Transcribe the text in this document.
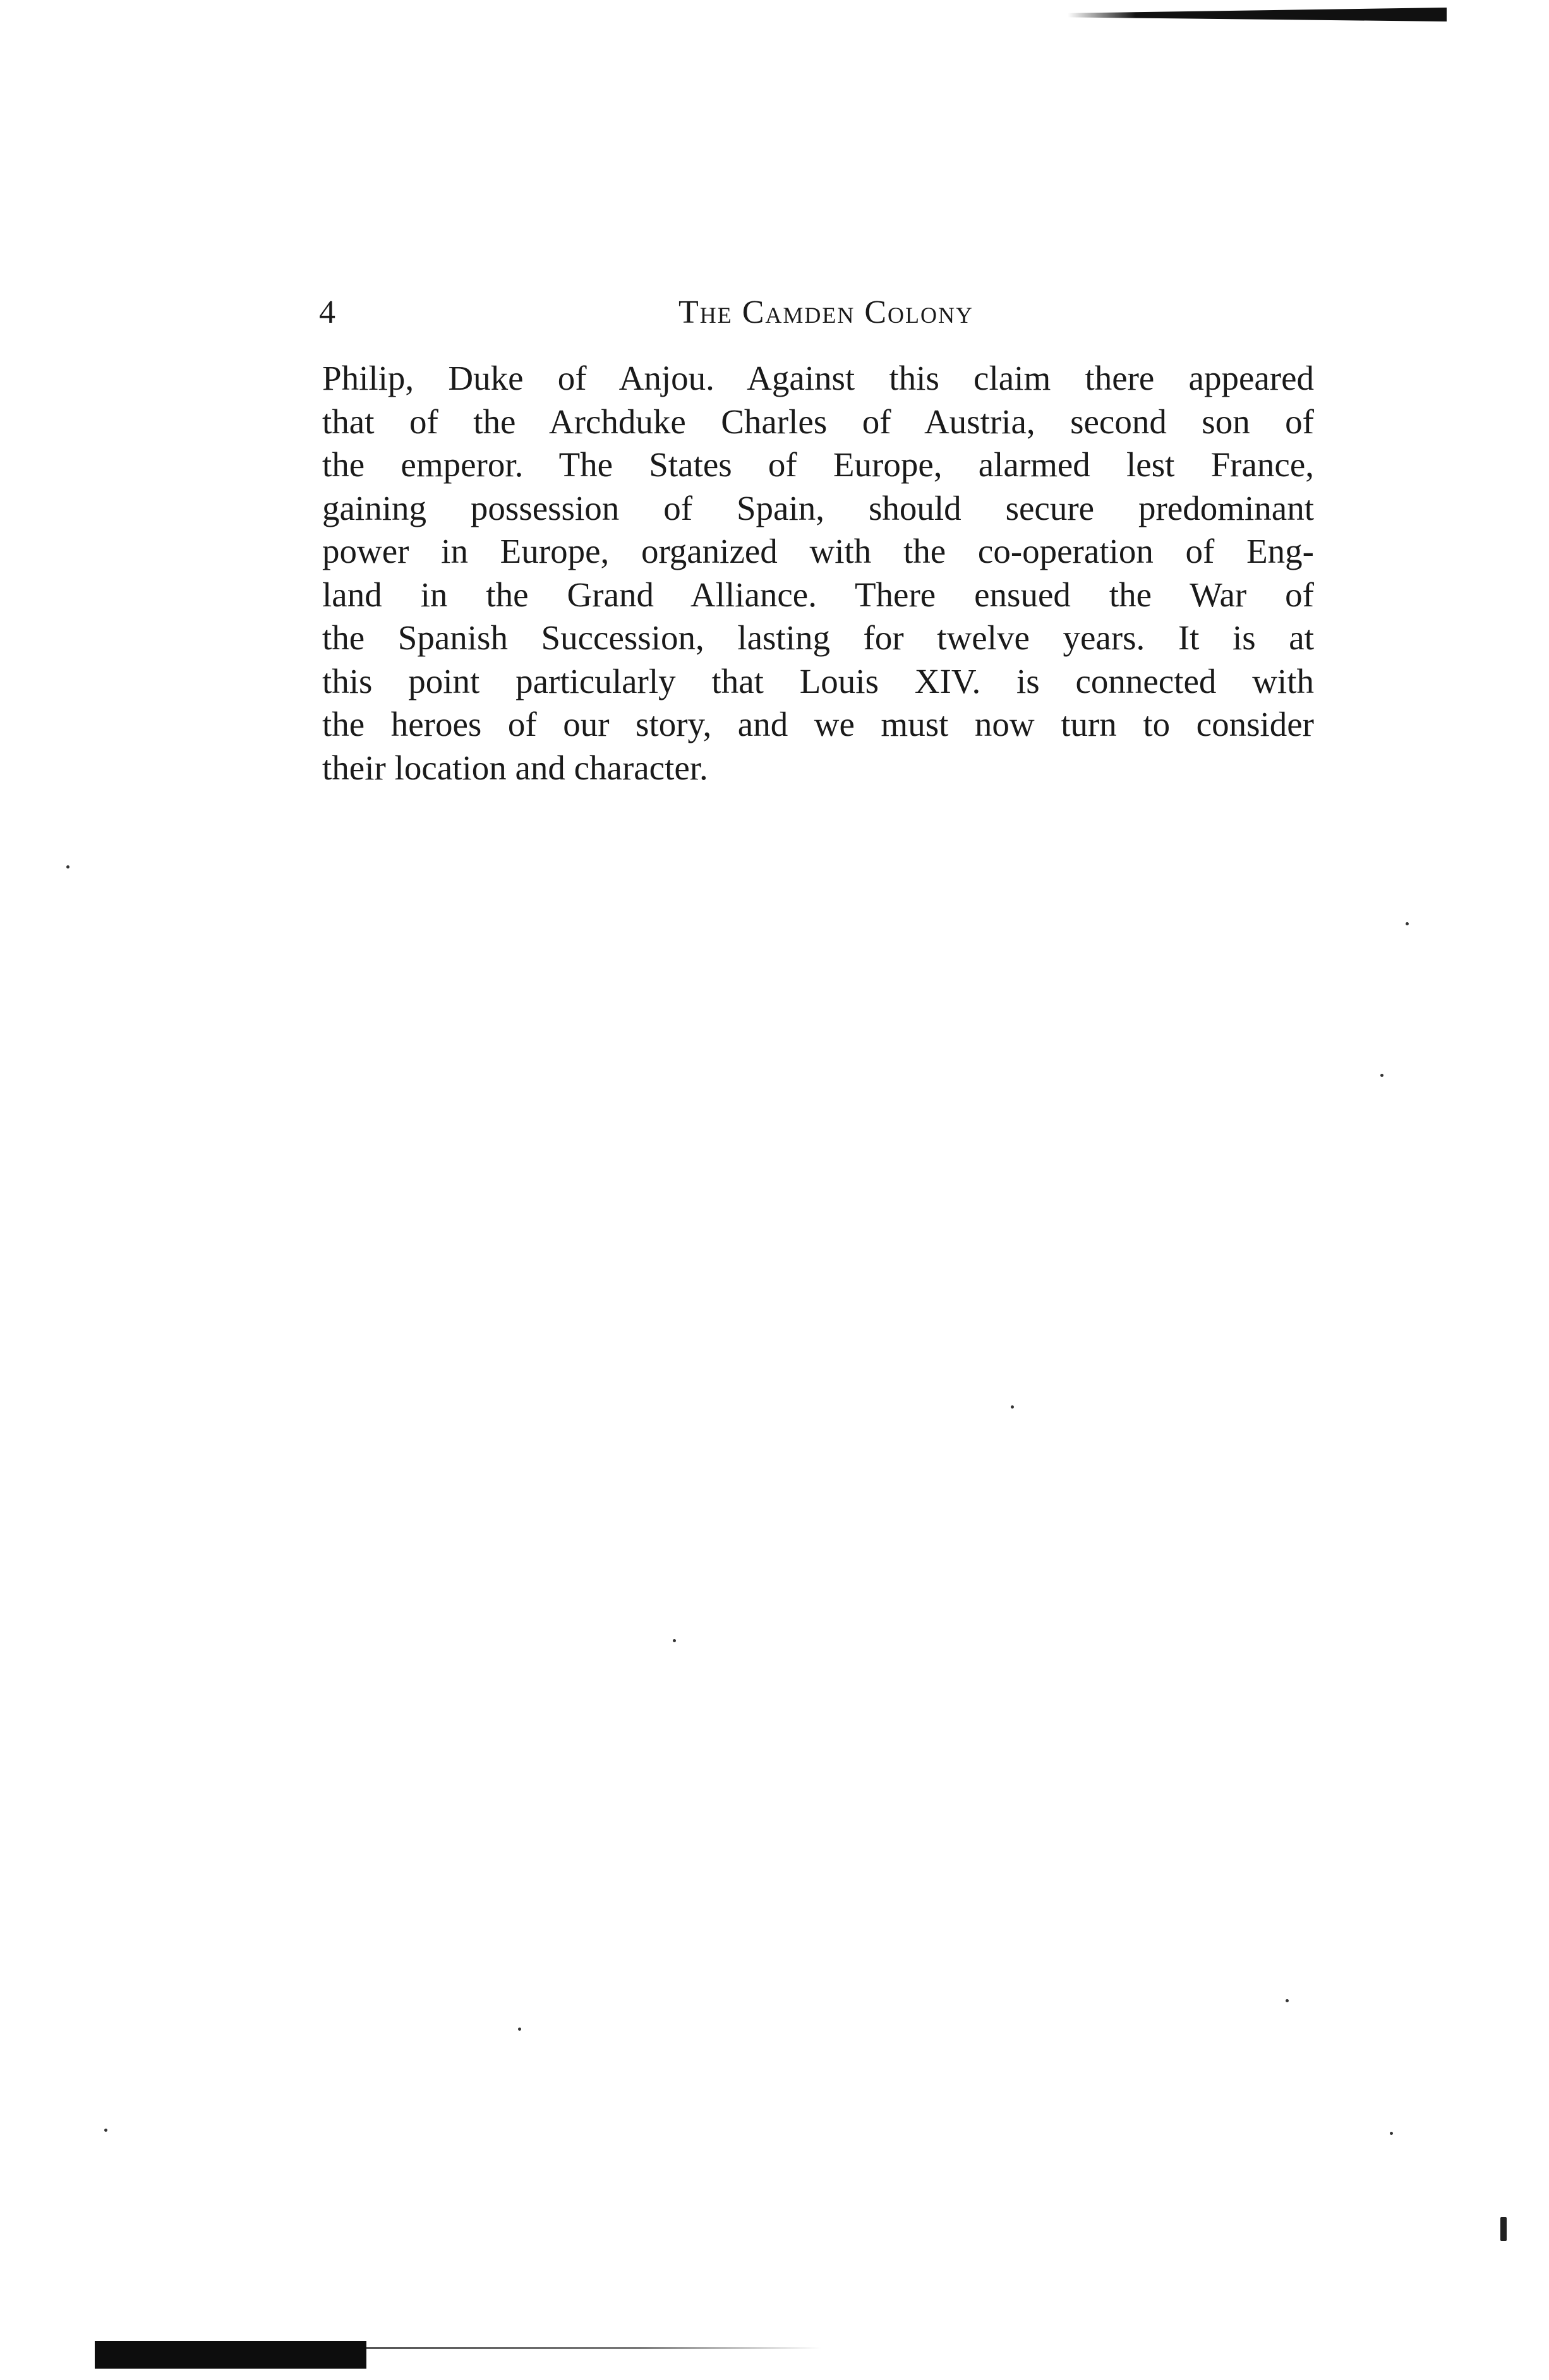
4	The Camden Colony
Philip, Duke of Anjou. Against this claim there appeared
that of the Archduke Charles of Austria, second son of
the emperor. The States of Europe, alarmed lest France,
gaining possession of Spain, should secure predominant
power in Europe, organized with the co-operation of Eng-
land in the Grand Alliance. There ensued the War of
the Spanish Succession, lasting for twelve years. It is at
this point particularly that Louis XIV. is connected with
the heroes of our story, and we must now turn to consider
their location and character.
